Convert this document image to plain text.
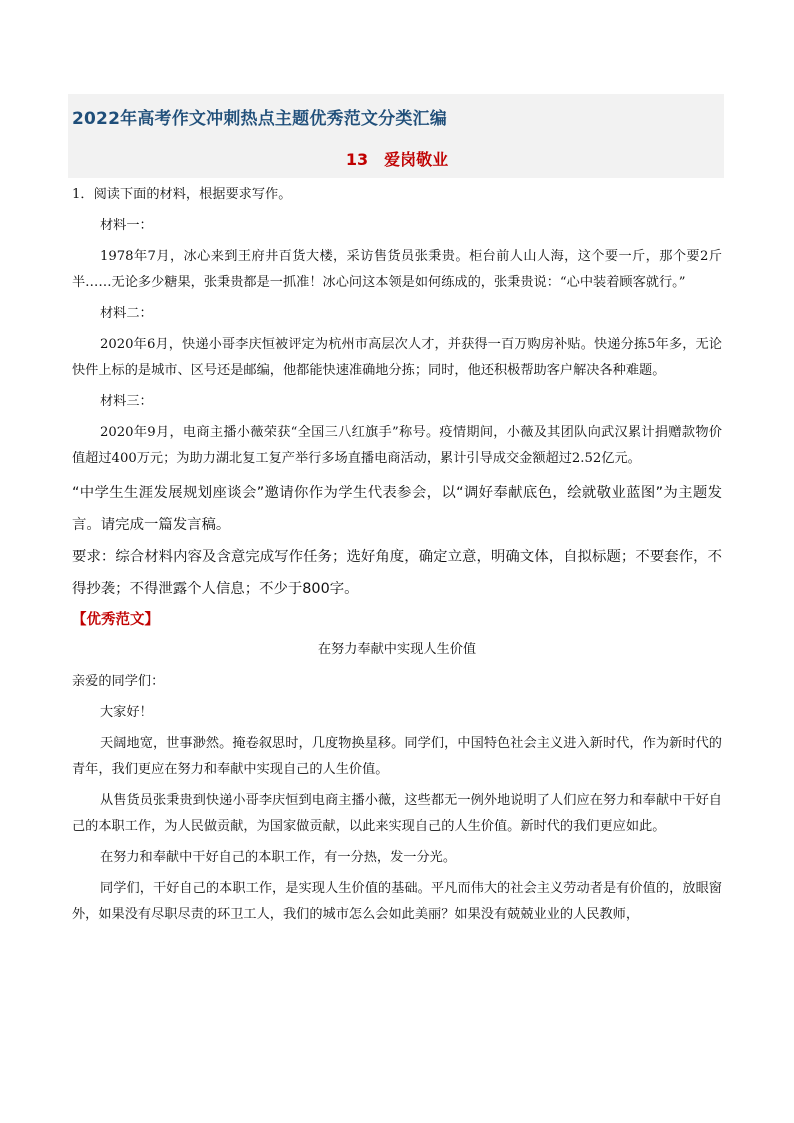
2022年高考作文冲刺热点主题优秀范文分类汇编
13 爱岗敬业

1．阅读下面的材料，根据要求写作。

材料一：

1978年7月，冰心来到王府井百货大楼，采访售货员张秉贵。柜台前人山人海，这个要一斤，那个要2斤半……无论多少糖果，张秉贵都是一抓准！冰心问这本领是如何练成的，张秉贵说：“心中装着顾客就行。”

材料二：

2020年6月，快递小哥李庆恒被评定为杭州市高层次人才，并获得一百万购房补贴。快递分拣5年多，无论快件上标的是城市、区号还是邮编，他都能快速准确地分拣；同时，他还积极帮助客户解决各种难题。

材料三：

2020年9月，电商主播小薇荣获“全国三八红旗手”称号。疫情期间，小薇及其团队向武汉累计捐赠款物价值超过400万元；为助力湖北复工复产举行多场直播电商活动，累计引导成交金额超过2.52亿元。

“中学生生涯发展规划座谈会”邀请你作为学生代表参会，以“调好奉献底色，绘就敬业蓝图”为主题发言。请完成一篇发言稿。

要求：综合材料内容及含意完成写作任务；选好角度，确定立意，明确文体，自拟标题；不要套作，不得抄袭；不得泄露个人信息；不少于800字。

【优秀范文】

在努力奉献中实现人生价值

亲爱的同学们：

大家好！

天阔地宽，世事渺然。掩卷叙思时，几度物换星移。同学们，中国特色社会主义进入新时代，作为新时代的青年，我们更应在努力和奉献中实现自己的人生价值。

从售货员张秉贵到快递小哥李庆恒到电商主播小薇，这些都无一例外地说明了人们应在努力和奉献中干好自己的本职工作，为人民做贡献，为国家做贡献，以此来实现自己的人生价值。新时代的我们更应如此。

在努力和奉献中干好自己的本职工作，有一分热，发一分光。

同学们，干好自己的本职工作，是实现人生价值的基础。平凡而伟大的社会主义劳动者是有价值的，放眼窗外，如果没有尽职尽责的环卫工人，我们的城市怎么会如此美丽？如果没有兢兢业业的人民教师，
